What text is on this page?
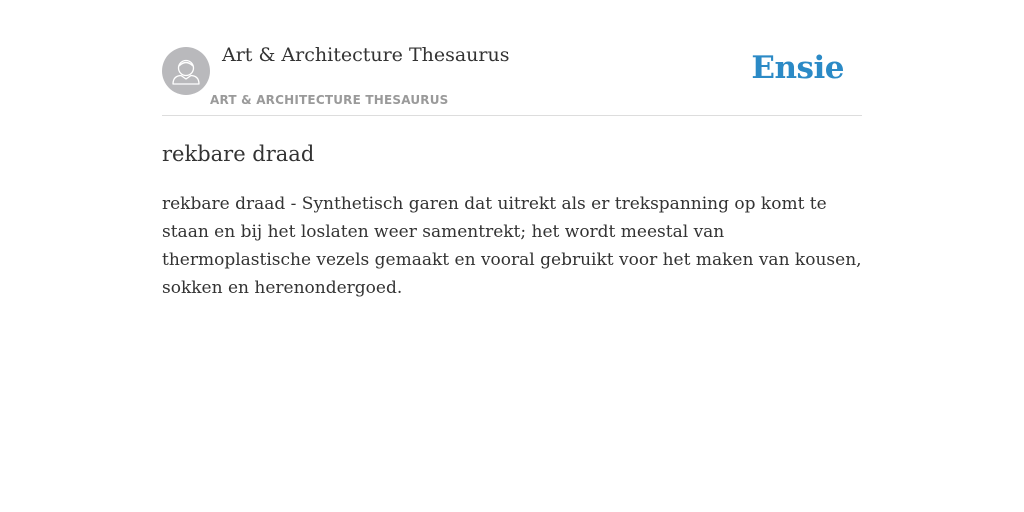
Art & Architecture Thesaurus
ART & ARCHITECTURE THESAURUS
Ensie
rekbare draad

rekbare draad - Synthetisch garen dat uitrekt als er trekspanning op komt te staan en bij het loslaten weer samentrekt; het wordt meestal van thermoplastische vezels gemaakt en vooral gebruikt voor het maken van kousen, sokken en herenondergoed.
